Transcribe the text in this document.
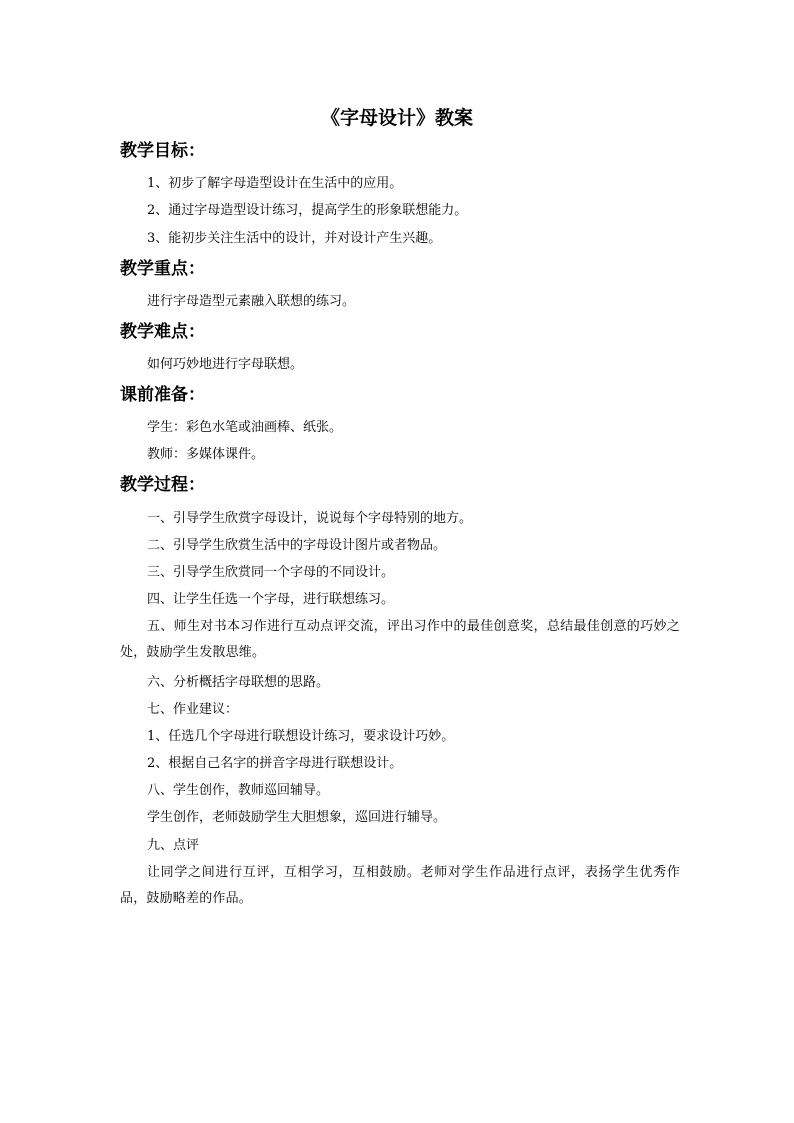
《字母设计》教案
教学目标：
1、初步了解字母造型设计在生活中的应用。
2、通过字母造型设计练习，提高学生的形象联想能力。
3、能初步关注生活中的设计，并对设计产生兴趣。
教学重点：
进行字母造型元素融入联想的练习。
教学难点：
如何巧妙地进行字母联想。
课前准备：
学生：彩色水笔或油画棒、纸张。
教师：多媒体课件。
教学过程：
一、引导学生欣赏字母设计，说说每个字母特别的地方。
二、引导学生欣赏生活中的字母设计图片或者物品。
三、引导学生欣赏同一个字母的不同设计。
四、让学生任选一个字母，进行联想练习。
五、师生对书本习作进行互动点评交流，评出习作中的最佳创意奖，总结最佳创意的巧妙之处，鼓励学生发散思维。
六、分析概括字母联想的思路。
七、作业建议：
1、任选几个字母进行联想设计练习，要求设计巧妙。
2、根据自己名字的拼音字母进行联想设计。
八、学生创作，教师巡回辅导。
学生创作，老师鼓励学生大胆想象，巡回进行辅导。
九、点评
让同学之间进行互评，互相学习，互相鼓励。老师对学生作品进行点评，表扬学生优秀作品，鼓励略差的作品。
